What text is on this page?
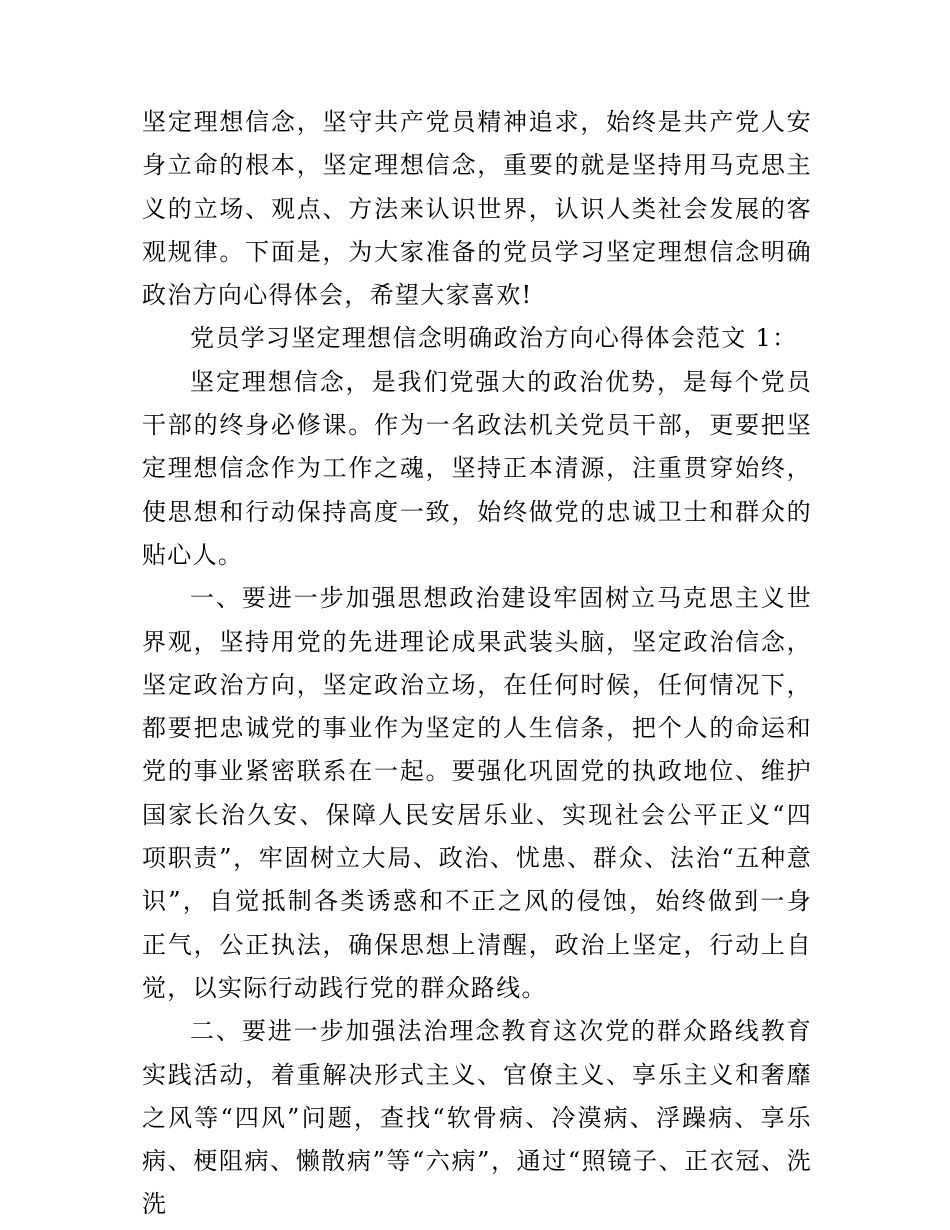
坚定理想信念，坚守共产党员精神追求，始终是共产党人安身立命的根本，坚定理想信念，重要的就是坚持用马克思主义的立场、观点、方法来认识世界，认识人类社会发展的客观规律。下面是，为大家准备的党员学习坚定理想信念明确政治方向心得体会，希望大家喜欢!

党员学习坚定理想信念明确政治方向心得体会范文 1：

坚定理想信念，是我们党强大的政治优势，是每个党员干部的终身必修课。作为一名政法机关党员干部，更要把坚定理想信念作为工作之魂，坚持正本清源，注重贯穿始终，使思想和行动保持高度一致，始终做党的忠诚卫士和群众的贴心人。

一、要进一步加强思想政治建设牢固树立马克思主义世界观，坚持用党的先进理论成果武装头脑，坚定政治信念，坚定政治方向，坚定政治立场，在任何时候，任何情况下，都要把忠诚党的事业作为坚定的人生信条，把个人的命运和党的事业紧密联系在一起。要强化巩固党的执政地位、维护国家长治久安、保障人民安居乐业、实现社会公平正义“四项职责”，牢固树立大局、政治、忧患、群众、法治“五种意识”，自觉抵制各类诱惑和不正之风的侵蚀，始终做到一身正气，公正执法，确保思想上清醒，政治上坚定，行动上自觉，以实际行动践行党的群众路线。

二、要进一步加强法治理念教育这次党的群众路线教育实践活动，着重解决形式主义、官僚主义、享乐主义和奢靡之风等“四风”问题，查找“软骨病、冷漠病、浮躁病、享乐病、梗阻病、懒散病”等“六病”，通过“照镜子、正衣冠、洗洗
